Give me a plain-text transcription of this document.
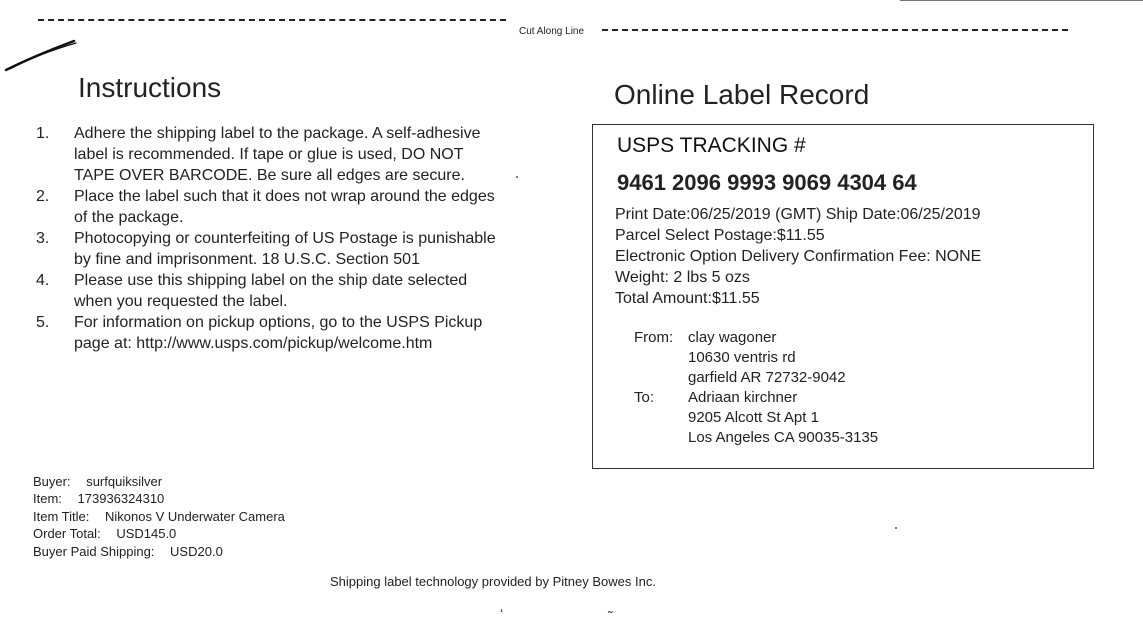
Cut Along Line
Instructions
1. Adhere the shipping label to the package. A self-adhesive label is recommended. If tape or glue is used, DO NOT TAPE OVER BARCODE. Be sure all edges are secure.
2. Place the label such that it does not wrap around the edges of the package.
3. Photocopying or counterfeiting of US Postage is punishable by fine and imprisonment. 18 U.S.C. Section 501
4. Please use this shipping label on the ship date selected when you requested the label.
5. For information on pickup options, go to the USPS Pickup page at: http://www.usps.com/pickup/welcome.htm
Buyer: surfquiksilver
Item: 173936324310
Item Title: Nikonos V Underwater Camera
Order Total: USD145.0
Buyer Paid Shipping: USD20.0
Shipping label technology provided by Pitney Bowes Inc.
Online Label Record
USPS TRACKING #
9461 2096 9993 9069 4304 64
Print Date:06/25/2019 (GMT) Ship Date:06/25/2019
Parcel Select Postage:$11.55
Electronic Option Delivery Confirmation Fee: NONE
Weight: 2 lbs 5 ozs
Total Amount:$11.55
From: clay wagoner
10630 ventris rd
garfield AR 72732-9042
To: Adriaan kirchner
9205 Alcott St Apt 1
Los Angeles CA 90035-3135
ʻ	˜
